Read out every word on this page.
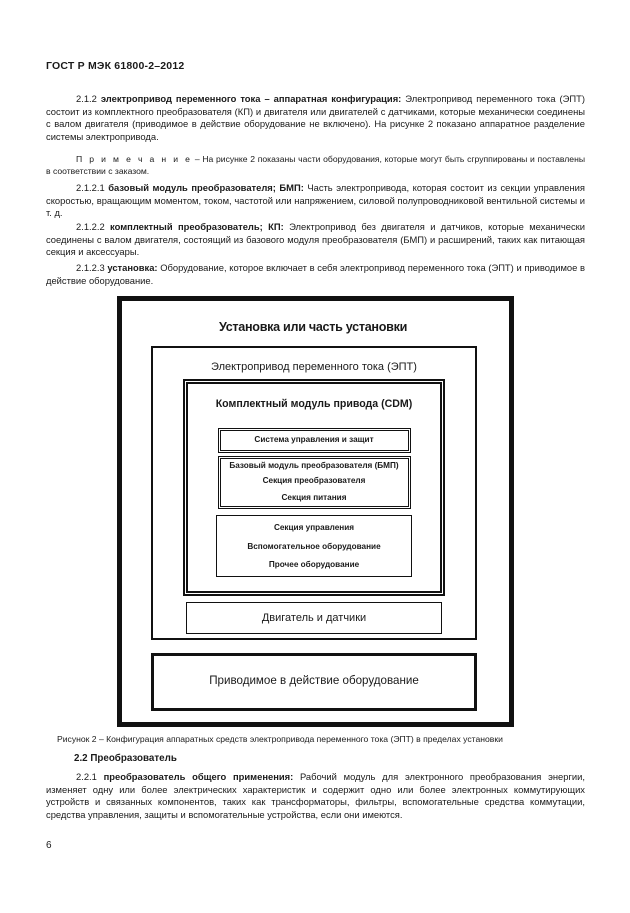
ГОСТ Р МЭК 61800-2–2012

2.1.2 электропривод переменного тока – аппаратная конфигурация: Электропривод переменного тока (ЭПТ) состоит из комплектного преобразователя (КП) и двигателя или двигателей с датчиками, которые механически соединены с валом двигателя (приводимое в действие оборудование не включено). На рисунке 2 показано аппаратное разделение системы электропривода.

П р и м е ч а н и е – На рисунке 2 показаны части оборудования, которые могут быть сгруппированы и поставлены в соответствии с заказом.

2.1.2.1 базовый модуль преобразователя; БМП: Часть электропривода, которая состоит из секции управления скоростью, вращающим моментом, током, частотой или напряжением, силовой полупроводниковой вентильной системы и т. д.

2.1.2.2 комплектный преобразователь; КП: Электропривод без двигателя и датчиков, которые механически соединены с валом двигателя, состоящий из базового модуля преобразователя (БМП) и расширений, таких как питающая секция и аксессуары.

2.1.2.3 установка: Оборудование, которое включает в себя электропривод переменного тока (ЭПТ) и приводимое в действие оборудование.

Установка или часть установки
Электропривод переменного тока (ЭПТ)
Комплектный модуль привода (CDM)
Система управления и защит
Базовый модуль преобразователя (БМП)
Секция преобразователя
Секция питания
Секция управления
Вспомогательное оборудование
Прочее оборудование
Двигатель и датчики
Приводимое в действие оборудование
Рисунок 2 – Конфигурация аппаратных средств электропривода переменного тока (ЭПТ) в пределах установки
2.2 Преобразователь

2.2.1 преобразователь общего применения: Рабочий модуль для электронного преобразования энергии, изменяет одну или более электрических характеристик и содержит одно или более электронных коммутирующих устройств и связанных компонентов, таких как трансформаторы, фильтры, вспомогательные средства коммутации, средства управления, защиты и вспомогательные устройства, если они имеются.

6
